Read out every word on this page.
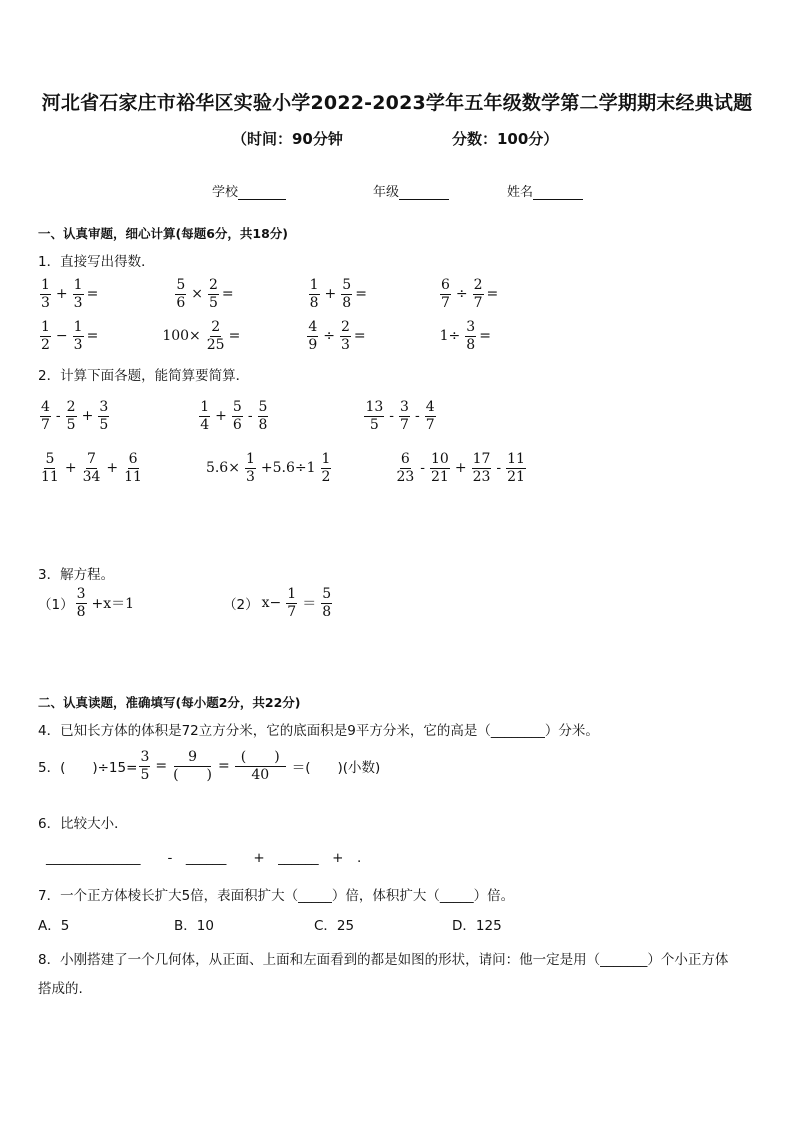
河北省石家庄市裕华区实验小学2022-2023学年五年级数学第二学期期末经典试题
（时间：90分钟	分数：100分）
学校	年级	姓名
一、认真审题，细心计算(每题6分，共18分)
1．直接写出得数．
$\frac{1}{3} + \frac{1}{3}$ =	$\frac{5}{6} \times \frac{2}{5}$ =	$\frac{1}{8} + \frac{5}{8}$ =	$\frac{6}{7} \div \frac{2}{7}$ =
$\frac{1}{2} - \frac{1}{3}$ =	$100\times \frac{2}{25}$ =	$\frac{4}{9} \div \frac{2}{3}$ =	$1\div \frac{3}{8}$ =
2．计算下面各题，能简算要简算．
$\frac{4}{7} - \frac{2}{5} + \frac{3}{5}$	$\frac{1}{4} + \frac{5}{6} - \frac{5}{8}$	$\frac{13}{5} - \frac{3}{7} - \frac{4}{7}$
$\frac{5}{11} + \frac{7}{34} + \frac{6}{11}$	$5.6\times \frac{1}{3} +5.6\div 1 \frac{1}{2}$	$\frac{6}{23} - \frac{10}{21} + \frac{17}{23} - \frac{11}{21}$
3．解方程。
$(1) \frac{3}{8} +x=1$	（2） $x- \frac{1}{7} = \frac{5}{8}$
二、认真读题，准确填写(每小题2分，共22分)
4．已知长方体的体积是72立方分米，它的底面积是9平方分米，它的高是（________）分米。
5．(　　)$\div 15= \frac{3}{5} = \frac{9}{( )} = \frac{( )}{40}$ ＝(　　)(小数)
6．比较大小．
______________　　-　______　　+　______　+　.
7．一个正方体棱长扩大5倍，表面积扩大（_____）倍，体积扩大（_____）倍。
A．5	B．10	C．25	D．125
8．小刚搭建了一个几何体，从正面、上面和左面看到的都是如图的形状，请问：他一定是用（_______）个小正方体
搭成的.
